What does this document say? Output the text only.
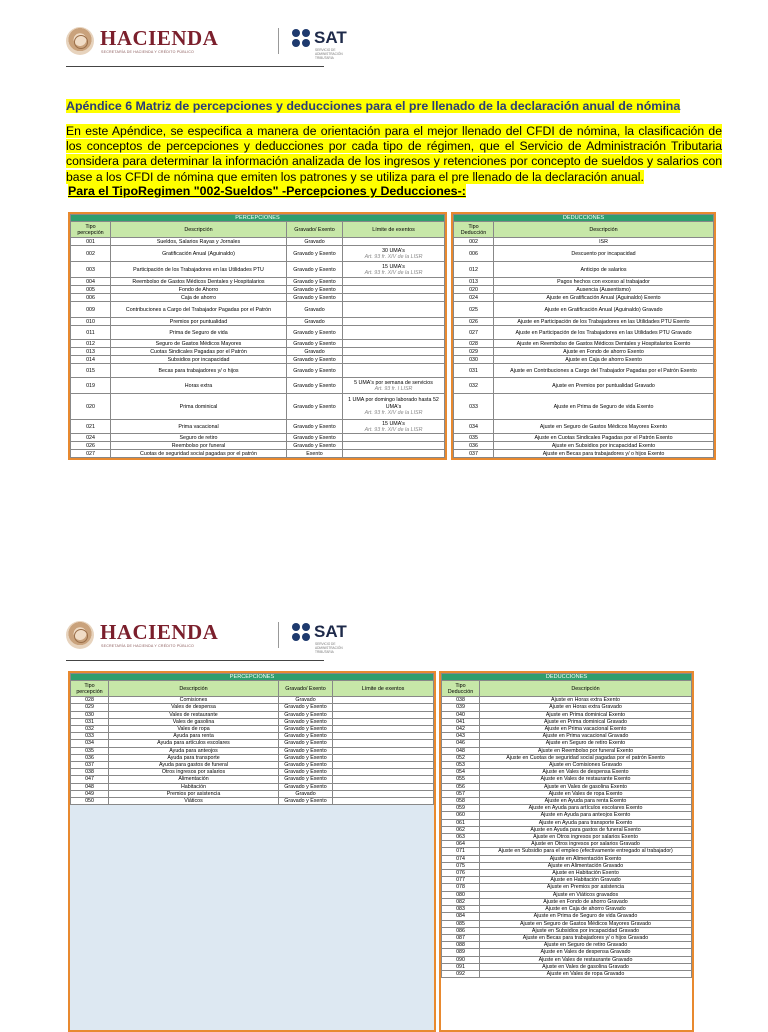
HACIENDA
SECRETARÍA DE HACIENDA Y CRÉDITO PÚBLICO
SAT
SERVICIO DE ADMINISTRACIÓN TRIBUTARIA
Apéndice 6 Matriz de percepciones y deducciones para el pre llenado de la declaración anual de nómina
En este Apéndice, se especifica a manera de orientación para el mejor llenado del CFDI de nómina, la clasificación de los conceptos de percepciones y deducciones por cada tipo de régimen, que el Servicio de Administración Tributaria considera para determinar la información analizada de los ingresos y retenciones por concepto de sueldos y salarios con base a los CFDI de nómina que emiten los patrones y se utiliza para el pre llenado de la declaración anual.
Para el TipoRegimen "002-Sueldos" -Percepciones y Deducciones-:
PERCEPCIONES			
Tipo percepción	Descripción	Gravado/ Exento	Límite de exentos
001	Sueldos, Salarios Rayas y Jornales	Gravado	
002	Gratificación Anual (Aguinaldo)	Gravado y Exento	30 UMA's
Art. 93 fr. XIV de la LISR

003	Participación de los Trabajadores en las Utilidades PTU	Gravado y Exento	15 UMA's
Art. 93 fr. XIV de la LISR

004	Reembolso de Gastos Médicos Dentales y Hospitalarios	Gravado y Exento	
005	Fondo de Ahorro	Gravado y Exento	
006	Caja de ahorro	Gravado y Exento	
009	Contribuciones a Cargo del Trabajador Pagadas por el Patrón	Gravado	
010	Premios por puntualidad	Gravado	
011	Prima de Seguro de vida	Gravado y Exento	
012	Seguro de Gastos Médicos Mayores	Gravado y Exento	
013	Cuotas Sindicales Pagadas por el Patrón	Gravado	
014	Subsidios por incapacidad	Gravado y Exento	
015	Becas para trabajadores y/ o hijos	Gravado y Exento	
019	Horas extra	Gravado y Exento	5 UMA's por semana de servicios
Art. 93 fr. I LISR

020	Prima dominical	Gravado y Exento	1 UMA por domingo laborado hasta 52 UMA's
Art. 93 fr. XIV de la LISR

021	Prima vacacional	Gravado y Exento	15 UMA's
Art. 93 fr. XIV de la LISR

024	Seguro de retiro	Gravado y Exento	
026	Reembolso por funeral	Gravado y Exento	
027	Cuotas de seguridad social pagadas por el patrón	Exento	
DEDUCCIONES	
Tipo Deducción	Descripción
002	ISR
006	Descuento por incapacidad
012	Anticipo de salarios
013	Pagos hechos con exceso al trabajador
020	Ausencia (Ausentismo)
024	Ajuste en Gratificación Anual (Aguinaldo) Exento
025	Ajuste en Gratificación Anual (Aguinaldo) Gravado
026	Ajuste en Participación de los Trabajadores en las Utilidades PTU Exento
027	Ajuste en Participación de los Trabajadores en las Utilidades PTU Gravado
028	Ajuste en Reembolso de Gastos Médicos Dentales y Hospitalarios Exento
029	Ajuste en Fondo de ahorro Exento
030	Ajuste en Caja de ahorro Exento
031	Ajuste en Contribuciones a Cargo del Trabajador Pagadas por el Patrón Exento
032	Ajuste en Premios por puntualidad Gravado
033	Ajuste en Prima de Seguro de vida Exento
034	Ajuste en Seguro de Gastos Médicos Mayores Exento
035	Ajuste en Cuotas Sindicales Pagadas por el Patrón Exento
036	Ajuste en Subsidios por incapacidad Exento
037	Ajuste en Becas para trabajadores y/ o hijos Exento
HACIENDA
SECRETARÍA DE HACIENDA Y CRÉDITO PÚBLICO
SAT
SERVICIO DE ADMINISTRACIÓN TRIBUTARIA
PERCEPCIONES			
Tipo percepción	Descripción	Gravado/ Exento	Límite de exentos
028	Comisiones	Gravado	
029	Vales de despensa	Gravado y Exento	
030	Vales de restaurante	Gravado y Exento	
031	Vales de gasolina	Gravado y Exento	
032	Vales de ropa	Gravado y Exento	
033	Ayuda para renta	Gravado y Exento	
034	Ayuda para artículos escolares	Gravado y Exento	
035	Ayuda para anteojos	Gravado y Exento	
036	Ayuda para transporte	Gravado y Exento	
037	Ayuda para gastos de funeral	Gravado y Exento	
038	Otros ingresos por salarios	Gravado y Exento	
047	Alimentación	Gravado y Exento	
048	Habitación	Gravado y Exento	
049	Premios por asistencia	Gravado	
050	Viáticos	Gravado y Exento	
DEDUCCIONES	
Tipo Deducción	Descripción
038	Ajuste en Horas extra Exento
039	Ajuste en Horas extra Gravado
040	Ajuste en Prima dominical Exento
041	Ajuste en Prima dominical Gravado
042	Ajuste en Prima vacacional Exento
043	Ajuste en Prima vacacional Gravado
046	Ajuste en Seguro de retiro Exento
048	Ajuste en Reembolso por funeral Exento
052	Ajuste en Cuotas de seguridad social pagadas por el patrón Exento
053	Ajuste en Comisiones Gravado
054	Ajuste en Vales de despensa Exento
055	Ajuste en Vales de restaurante Exento
056	Ajuste en Vales de gasolina Exento
057	Ajuste en Vales de ropa Exento
058	Ajuste en Ayuda para renta Exento
059	Ajuste en Ayuda para artículos escolares Exento
060	Ajuste en Ayuda para anteojos Exento
061	Ajuste en Ayuda para transporte Exento
062	Ajuste en Ayuda para gastos de funeral Exento
063	Ajuste en Otros ingresos por salarios Exento
064	Ajuste en Otros ingresos por salarios Gravado
071	Ajuste en Subsidio para el empleo (efectivamente entregado al trabajador)
074	Ajuste en Alimentación Exento
075	Ajuste en Alimentación Gravado
076	Ajuste en Habitación Exento
077	Ajuste en Habitación Gravado
078	Ajuste en Premios por asistencia
080	Ajuste en Viáticos gravados
082	Ajuste en Fondo de ahorro Gravado
083	Ajuste en Caja de ahorro Gravado
084	Ajuste en Prima de Seguro de vida Gravado
085	Ajuste en Seguro de Gastos Médicos Mayores Gravado
086	Ajuste en Subsidios por incapacidad Gravado
087	Ajuste en Becas para trabajadores y/ o hijos Gravado
088	Ajuste en Seguro de retiro Gravado
089	Ajuste en Vales de despensa Gravado
090	Ajuste en Vales de restaurante Gravado
091	Ajuste en Vales de gasolina Gravado
092	Ajuste en Vales de ropa Gravado
